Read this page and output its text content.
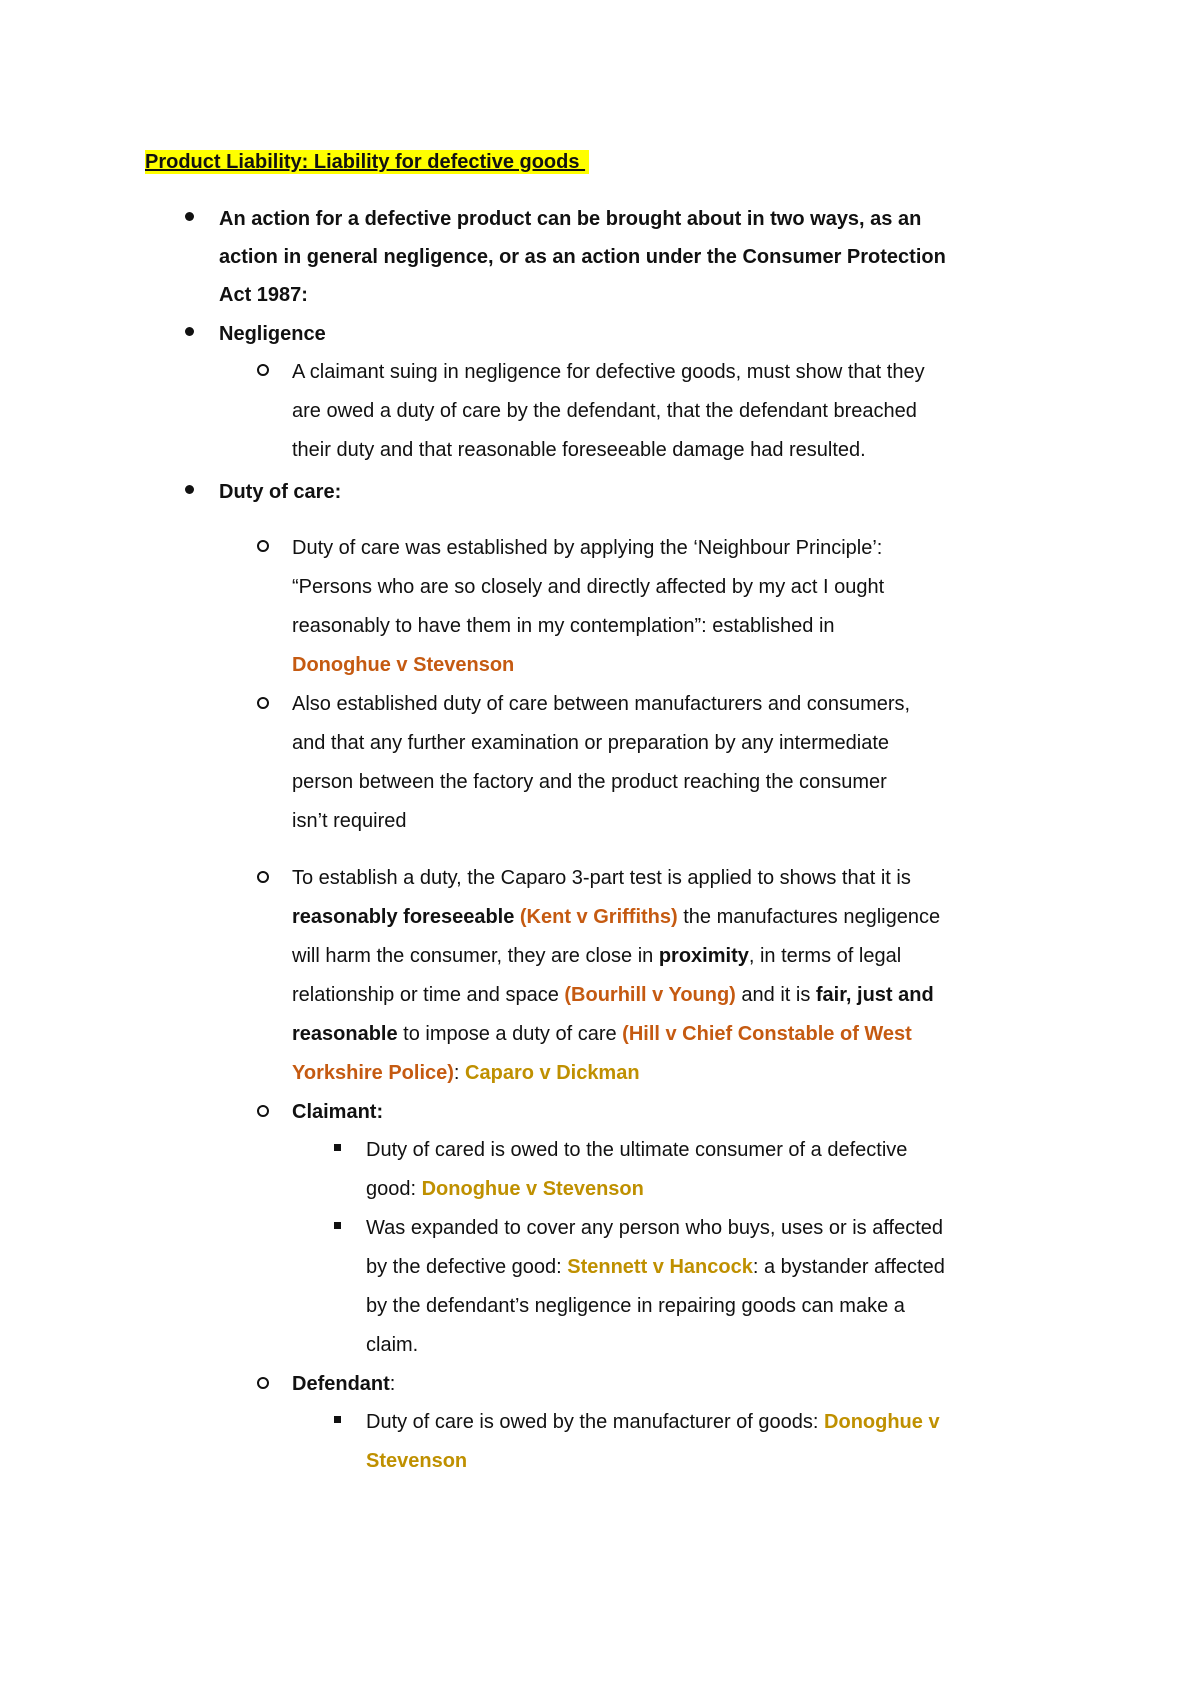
Product Liability: Liability for defective goods
An action for a defective product can be brought about in two ways, as an
action in general negligence, or as an action under the Consumer Protection
Act 1987:
Negligence
A claimant suing in negligence for defective goods, must show that they
are owed a duty of care by the defendant, that the defendant breached
their duty and that reasonable foreseeable damage had resulted.
Duty of care:
Duty of care was established by applying the ‘Neighbour Principle’:
“Persons who are so closely and directly affected by my act I ought
reasonably to have them in my contemplation”: established in
Donoghue v Stevenson
Also established duty of care between manufacturers and consumers,
and that any further examination or preparation by any intermediate
person between the factory and the product reaching the consumer
isn’t required
To establish a duty, the Caparo 3-part test is applied to shows that it is
reasonably foreseeable (Kent v Griffiths) the manufactures negligence
will harm the consumer, they are close in proximity, in terms of legal
relationship or time and space (Bourhill v Young) and it is fair, just and
reasonable to impose a duty of care (Hill v Chief Constable of West
Yorkshire Police): Caparo v Dickman
Claimant:
Duty of cared is owed to the ultimate consumer of a defective
good: Donoghue v Stevenson
Was expanded to cover any person who buys, uses or is affected
by the defective good: Stennett v Hancock: a bystander affected
by the defendant’s negligence in repairing goods can make a
claim.
Defendant:
Duty of care is owed by the manufacturer of goods: Donoghue v
Stevenson
